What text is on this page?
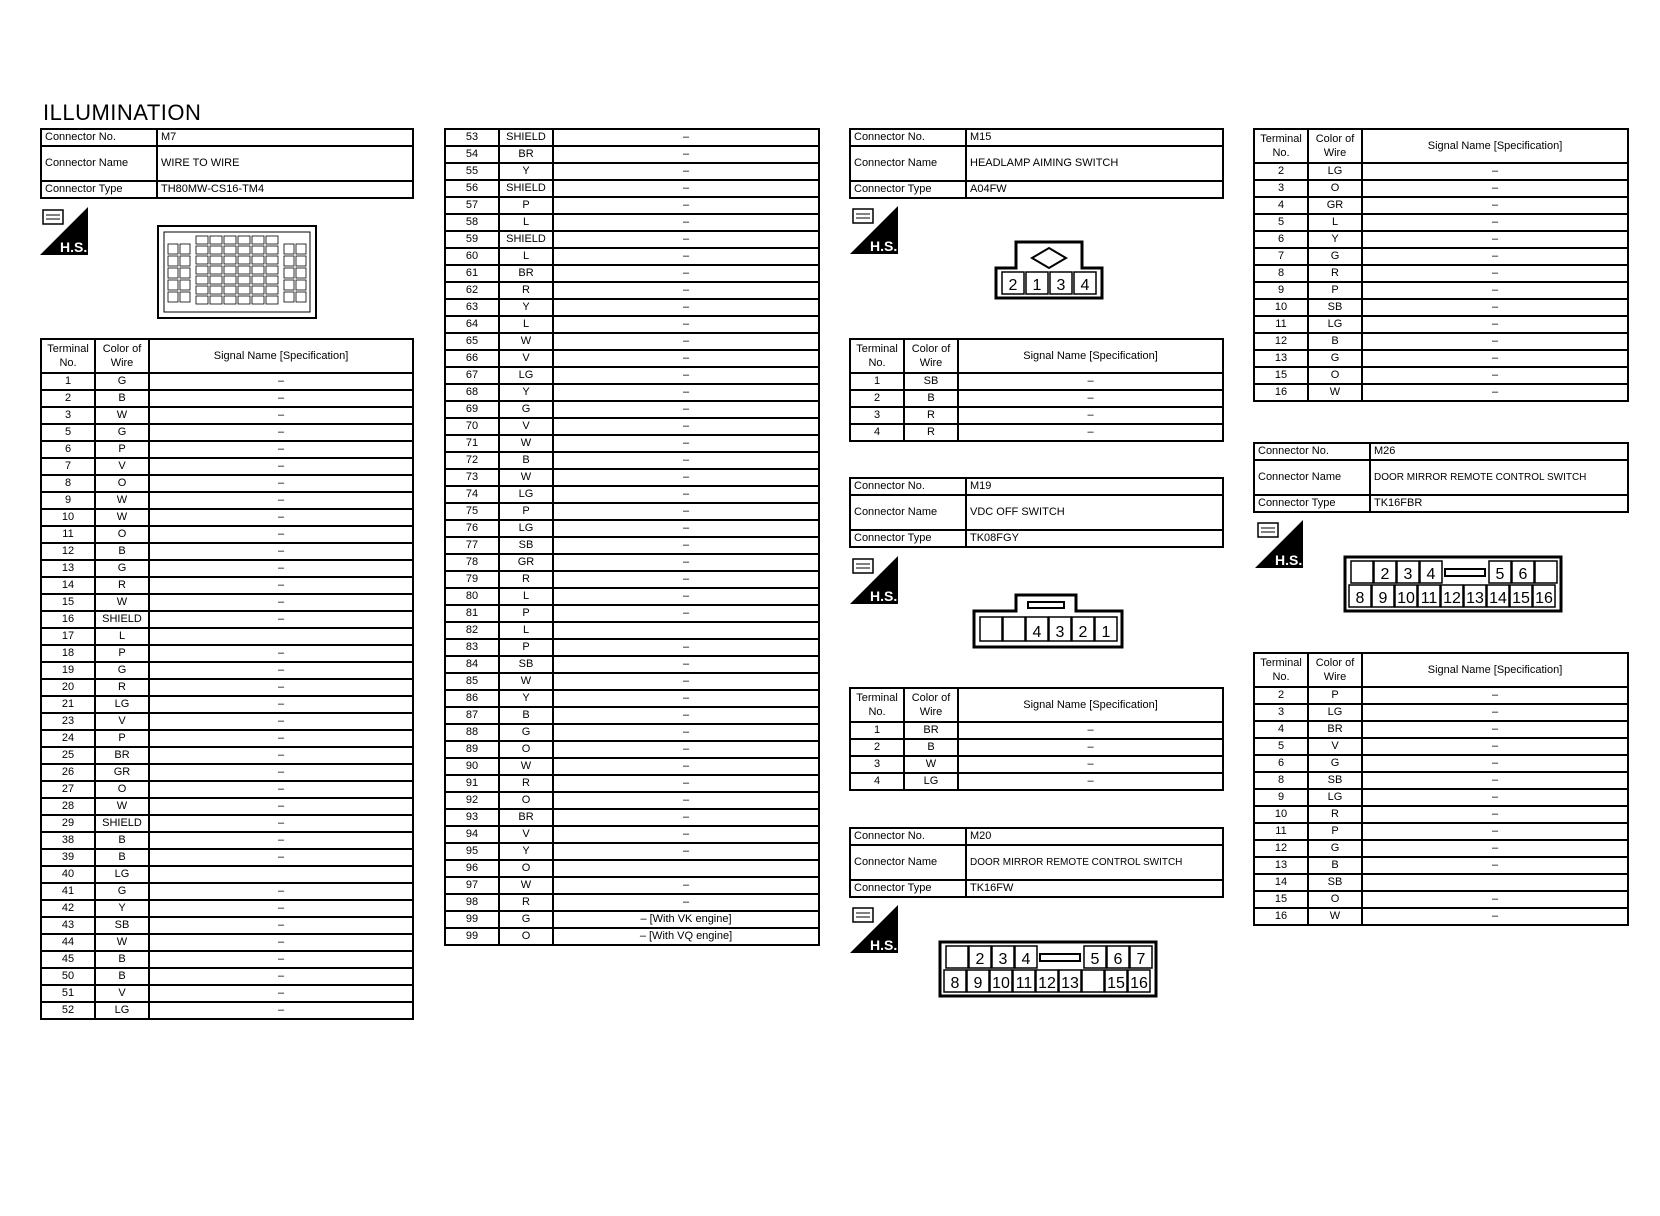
ILLUMINATION
Connector No.	M7
Connector Name	WIRE TO WIRE
Connector Type	TH80MW-CS16-TM4
H.S.
Terminal No.	Color of Wire	Signal Name [Specification]
1	G	–
2	B	–
3	W	–
5	G	–
6	P	–
7	V	–
8	O	–
9	W	–
10	W	–
11	O	–
12	B	–
13	G	–
14	R	–
15	W	–
16	SHIELD	–
17	L	
18	P	–
19	G	–
20	R	–
21	LG	–
23	V	–
24	P	–
25	BR	–
26	GR	–
27	O	–
28	W	–
29	SHIELD	–
38	B	–
39	B	–
40	LG	
41	G	–
42	Y	–
43	SB	–
44	W	–
45	B	–
50	B	–
51	V	–
52	LG	–
53	SHIELD	–
54	BR	–
55	Y	–
56	SHIELD	–
57	P	–
58	L	–
59	SHIELD	–
60	L	–
61	BR	–
62	R	–
63	Y	–
64	L	–
65	W	–
66	V	–
67	LG	–
68	Y	–
69	G	–
70	V	–
71	W	–
72	B	–
73	W	–
74	LG	–
75	P	–
76	LG	–
77	SB	–
78	GR	–
79	R	–
80	L	–
81	P	–
82	L	
83	P	–
84	SB	–
85	W	–
86	Y	–
87	B	–
88	G	–
89	O	–
90	W	–
91	R	–
92	O	–
93	BR	–
94	V	–
95	Y	–
96	O	
97	W	–
98	R	–
99	G	– [With VK engine]
99	O	– [With VQ engine]
Connector No.	M15
Connector Name	HEADLAMP AIMING SWITCH
Connector Type	A04FW
H.S.
2 1 3 4
Terminal No.	Color of Wire	Signal Name [Specification]
1	SB	–
2	B	–
3	R	–
4	R	–
Connector No.	M19
Connector Name	VDC OFF SWITCH
Connector Type	TK08FGY
H.S.
4 3 2 1
Terminal No.	Color of Wire	Signal Name [Specification]
1	BR	–
2	B	–
3	W	–
4	LG	–
Connector No.	M20
Connector Name	DOOR MIRROR REMOTE CONTROL SWITCH
Connector Type	TK16FW
H.S.
2 3 4	5 6 7
8 9 10 11 12 13 15 16
Terminal No.	Color of Wire	Signal Name [Specification]
2	LG	–
3	O	–
4	GR	–
5	L	–
6	Y	–
7	G	–
8	R	–
9	P	–
10	SB	–
11	LG	–
12	B	–
13	G	–
15	O	–
16	W	–
Connector No.	M26
Connector Name	DOOR MIRROR REMOTE CONTROL SWITCH
Connector Type	TK16FBR
H.S.
2 3 4	5 6
8 9 10 11 12 13 14 15 16
Terminal No.	Color of Wire	Signal Name [Specification]
2	P	–
3	LG	–
4	BR	–
5	V	–
6	G	–
8	SB	–
9	LG	–
10	R	–
11	P	–
12	G	–
13	B	–
14	SB	
15	O	–
16	W	–
